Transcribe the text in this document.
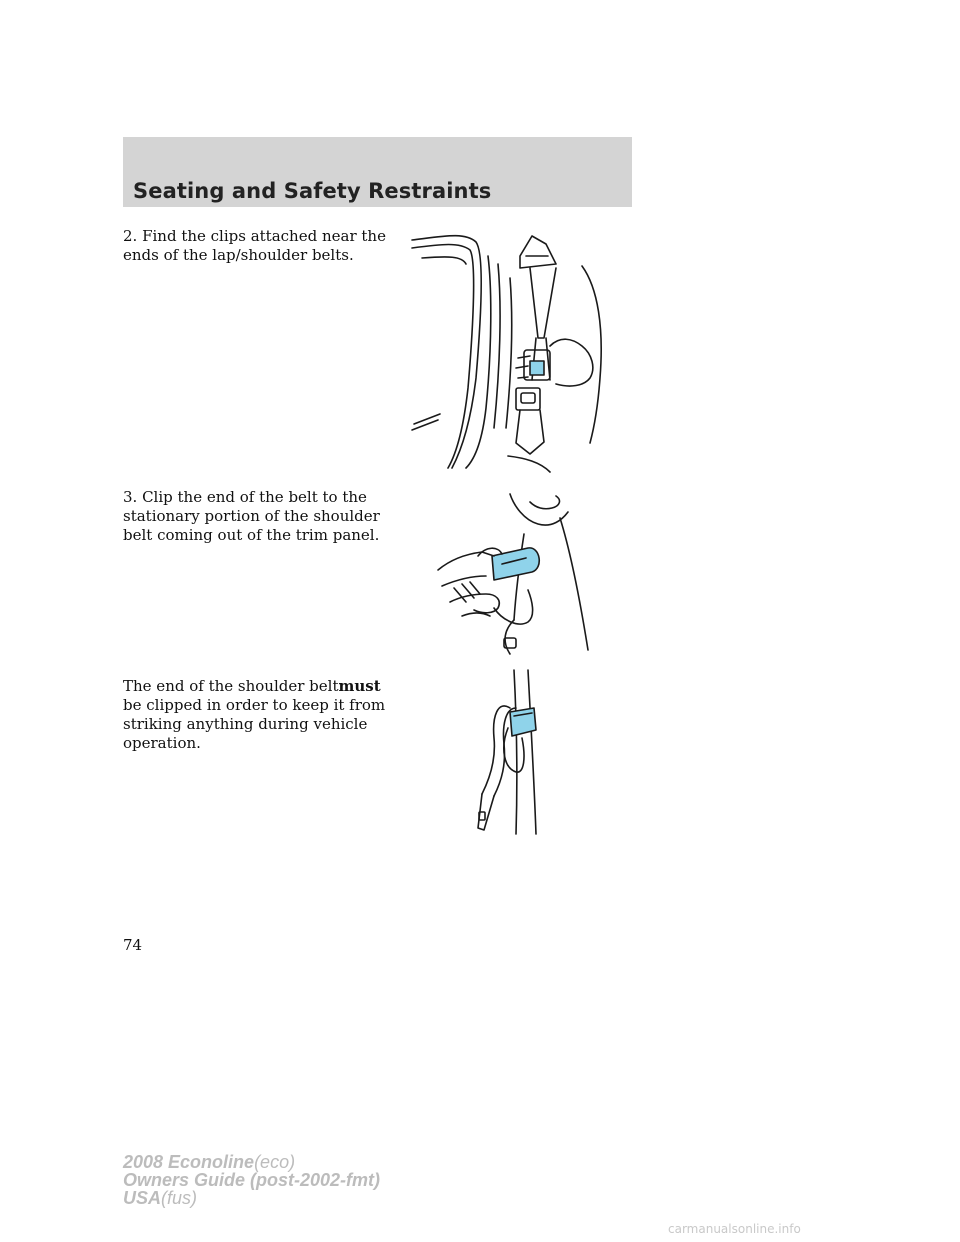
Seating and Safety Restraints

2. Find the clips attached near the ends of the lap/shoulder belts.

3. Clip the end of the belt to the stationary portion of the shoulder belt coming out of the trim panel.

The end of the shoulder beltmust be clipped in order to keep it from striking anything during vehicle operation.

74

2008 Econoline(eco)
Owners Guide (post-2002-fmt)
USA(fus)

carmanualsonline.info
